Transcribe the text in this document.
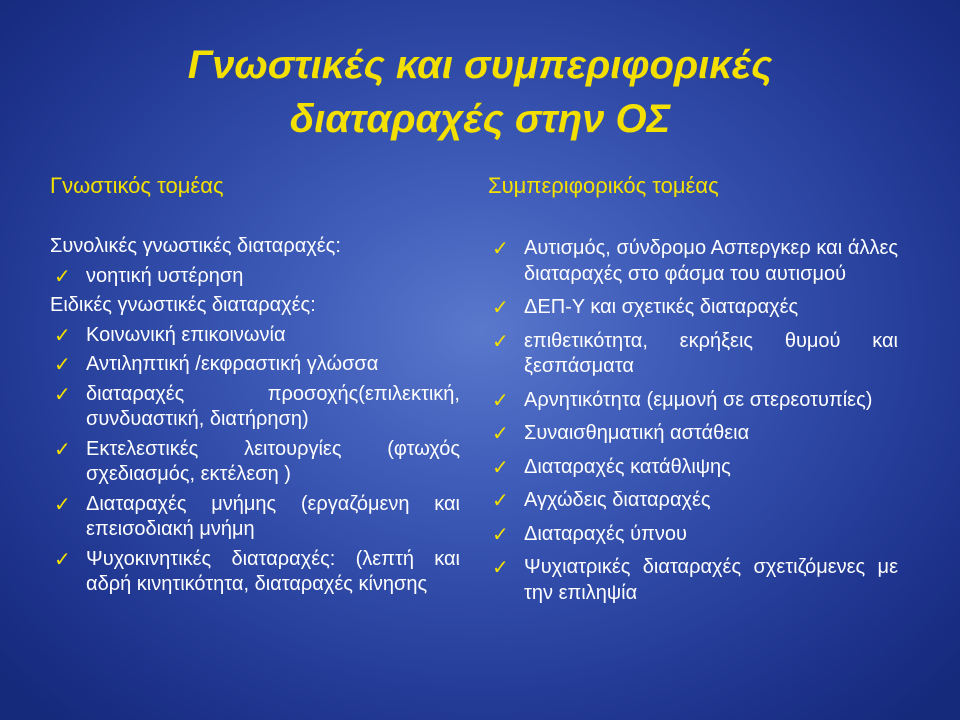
Γνωστικές και συμπεριφορικές
διαταραχές στην ΟΣ
Γνωστικός τομέας	Συμπεριφορικός τομέας
Συνολικές γνωστικές διαταραχές:
✓ νοητική υστέρηση
Ειδικές γνωστικές διαταραχές:
✓ Κοινωνική επικοινωνία
✓ Αντιληπτική /εκφραστική γλώσσα
✓ διαταραχές προσοχής(επιλεκτική, συνδυαστική, διατήρηση)
✓ Εκτελεστικές λειτουργίες (φτωχός σχεδιασμός, εκτέλεση )
✓ Διαταραχές μνήμης (εργαζόμενη και επεισοδιακή μνήμη
✓ Ψυχοκινητικές διαταραχές: (λεπτή και αδρή κινητικότητα, διαταραχές κίνησης
✓ Αυτισμός, σύνδρομο Ασπεργκερ και άλλες διαταραχές στο φάσμα του αυτισμού
✓ ΔΕΠ-Υ και σχετικές διαταραχές
✓ επιθετικότητα, εκρήξεις θυμού και ξεσπάσματα
✓ Αρνητικότητα (εμμονή σε στερεοτυπίες)
✓ Συναισθηματική αστάθεια
✓ Διαταραχές κατάθλιψης
✓ Αγχώδεις διαταραχές
✓ Διαταραχές ύπνου
✓ Ψυχιατρικές διαταραχές σχετιζόμενες με την επιληψία
